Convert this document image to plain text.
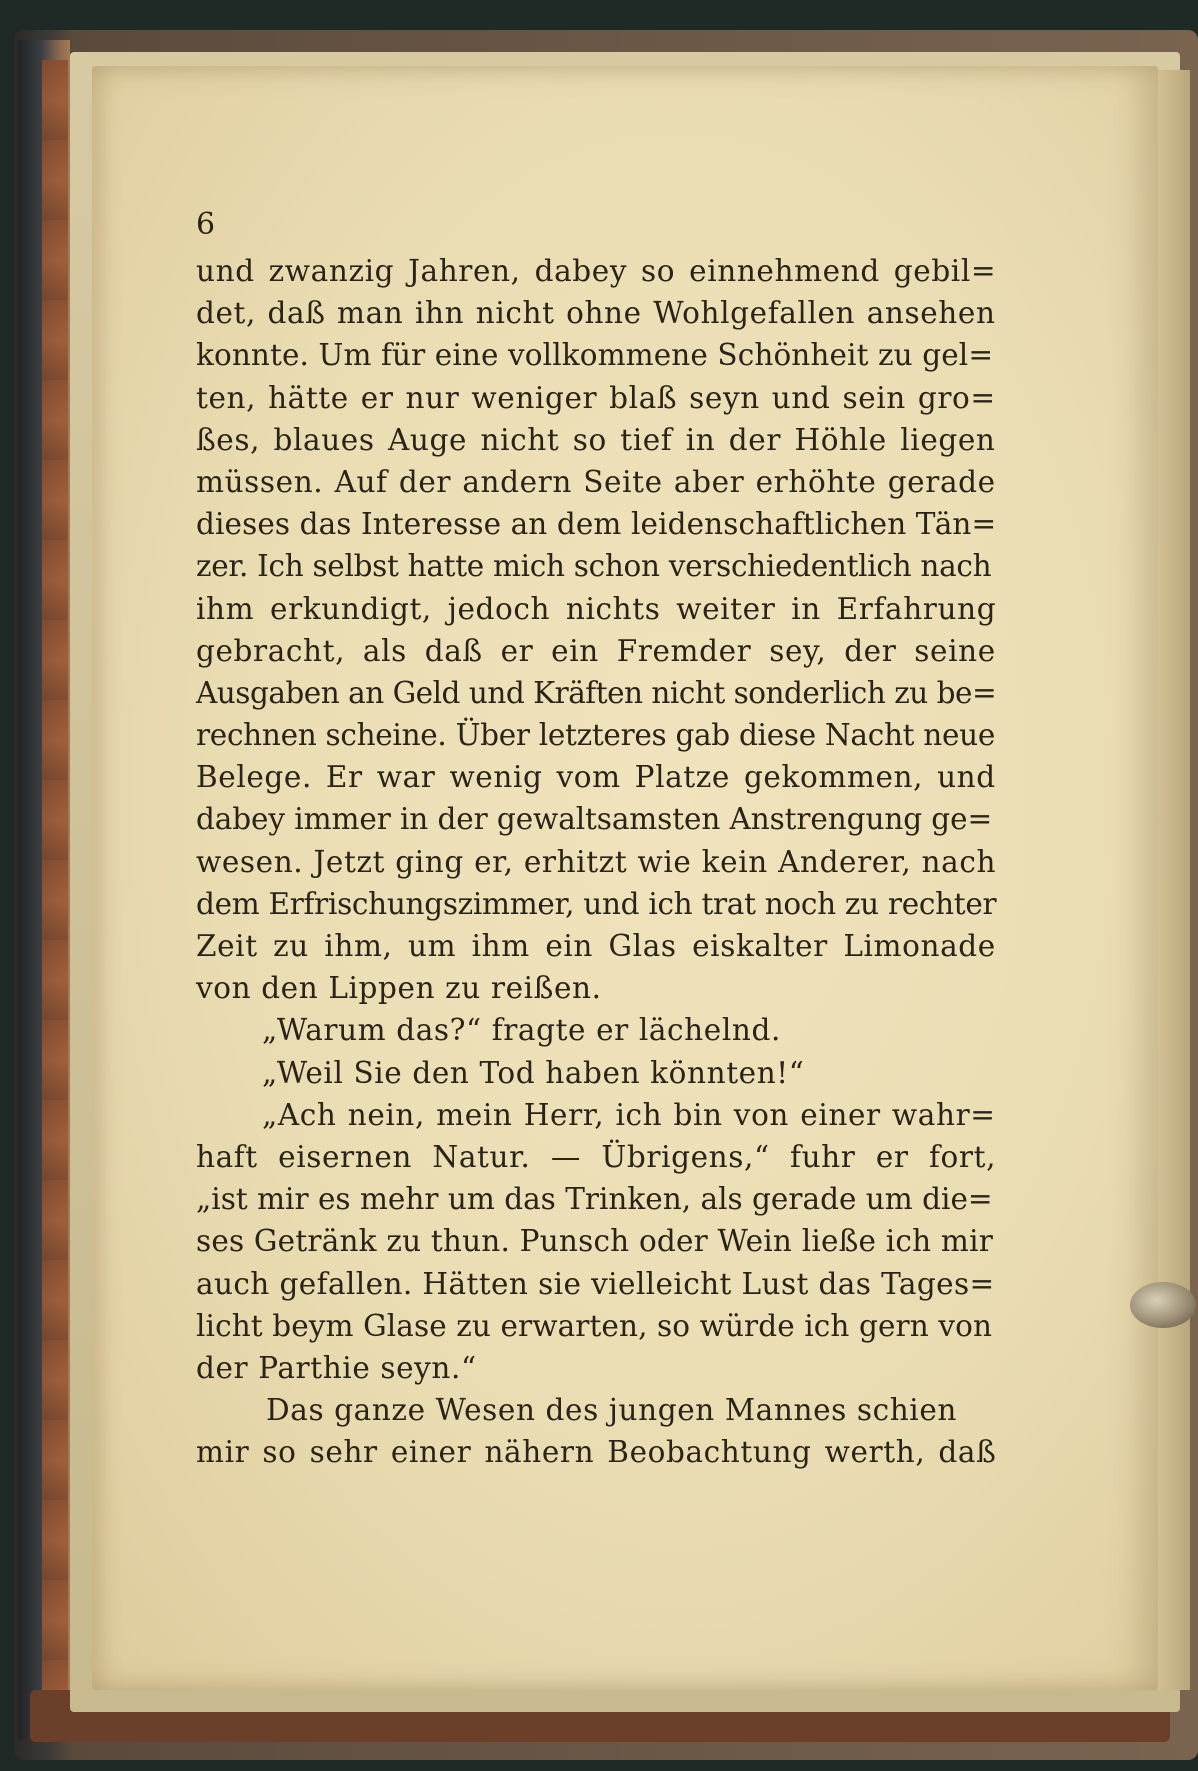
6
und zwanzig Jahren, dabey so einnehmend gebil=
det, daß man ihn nicht ohne Wohlgefallen ansehen
konnte. Um für eine vollkommene Schönheit zu gel=
ten, hätte er nur weniger blaß seyn und sein gro=
ßes, blaues Auge nicht so tief in der Höhle liegen
müssen. Auf der andern Seite aber erhöhte gerade
dieses das Interesse an dem leidenschaftlichen Tän=
zer. Ich selbst hatte mich schon verschiedentlich nach
ihm erkundigt, jedoch nichts weiter in Erfahrung
gebracht, als daß er ein Fremder sey, der seine
Ausgaben an Geld und Kräften nicht sonderlich zu be=
rechnen scheine. Über letzteres gab diese Nacht neue
Belege. Er war wenig vom Platze gekommen, und
dabey immer in der gewaltsamsten Anstrengung ge=
wesen. Jetzt ging er, erhitzt wie kein Anderer, nach
dem Erfrischungszimmer, und ich trat noch zu rechter
Zeit zu ihm, um ihm ein Glas eiskalter Limonade
von den Lippen zu reißen.
„Warum das?“ fragte er lächelnd.
„Weil Sie den Tod haben könnten!“
„Ach nein, mein Herr, ich bin von einer wahr=
haft eisernen Natur. — Übrigens,“ fuhr er fort,
„ist mir es mehr um das Trinken, als gerade um die=
ses Getränk zu thun. Punsch oder Wein ließe ich mir
auch gefallen. Hätten sie vielleicht Lust das Tages=
licht beym Glase zu erwarten, so würde ich gern von
der Parthie seyn.“
Das ganze Wesen des jungen Mannes schien
mir so sehr einer nähern Beobachtung werth, daß
